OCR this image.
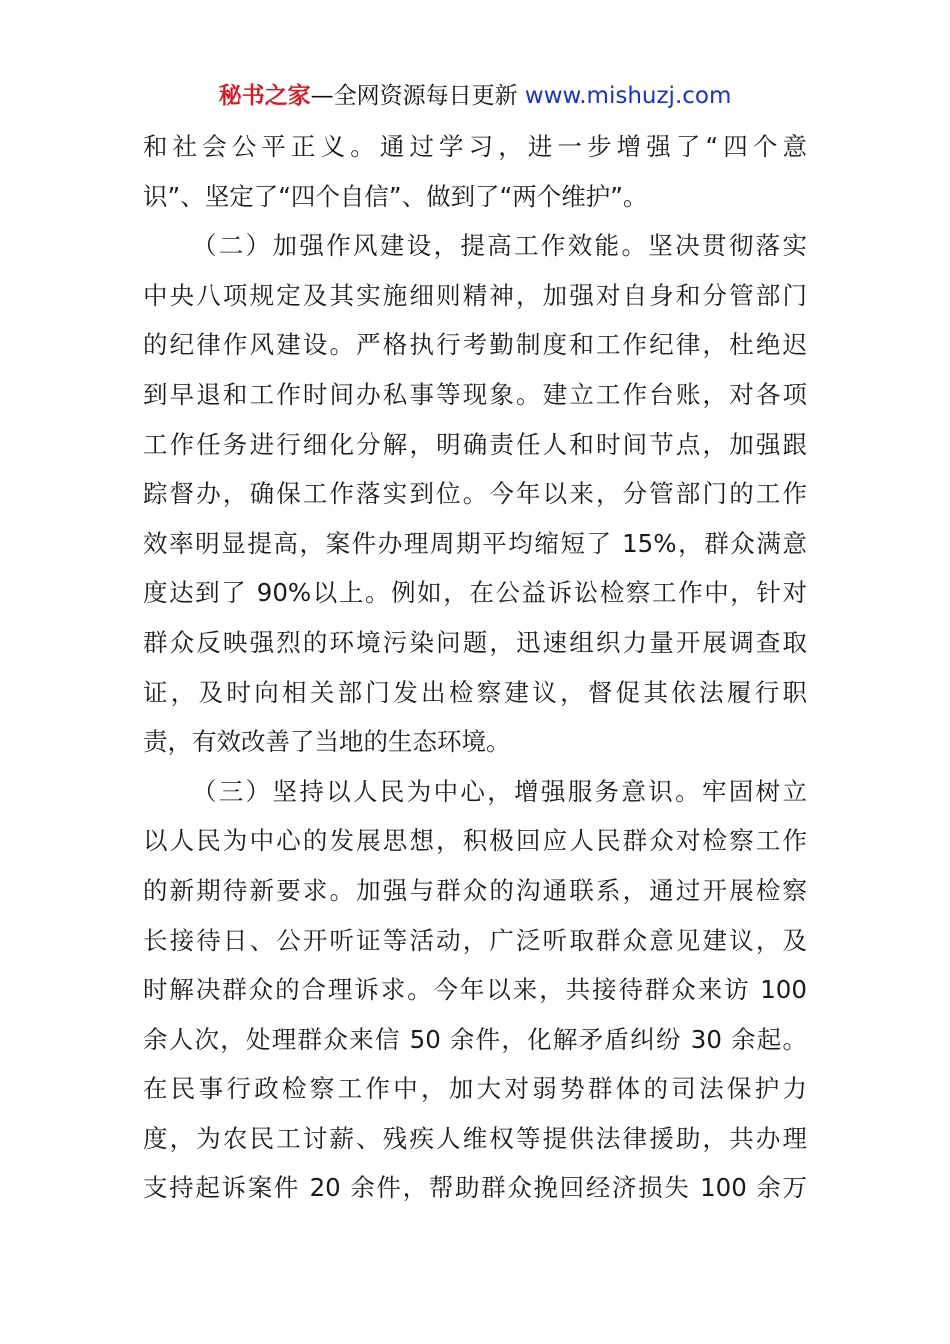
秘书之家—全网资源每日更新 www.mishuzj.com
和社会公平正义。通过学习，进一步增强了“四个意
识”、坚定了“四个自信”、做到了“两个维护”。
（二）加强作风建设，提高工作效能。坚决贯彻落实
中央八项规定及其实施细则精神，加强对自身和分管部门
的纪律作风建设。严格执行考勤制度和工作纪律，杜绝迟
到早退和工作时间办私事等现象。建立工作台账，对各项
工作任务进行细化分解，明确责任人和时间节点，加强跟
踪督办，确保工作落实到位。今年以来，分管部门的工作
效率明显提高，案件办理周期平均缩短了 15%，群众满意
度达到了 90%以上。例如，在公益诉讼检察工作中，针对
群众反映强烈的环境污染问题，迅速组织力量开展调查取
证，及时向相关部门发出检察建议，督促其依法履行职
责，有效改善了当地的生态环境。
（三）坚持以人民为中心，增强服务意识。牢固树立
以人民为中心的发展思想，积极回应人民群众对检察工作
的新期待新要求。加强与群众的沟通联系，通过开展检察
长接待日、公开听证等活动，广泛听取群众意见建议，及
时解决群众的合理诉求。今年以来，共接待群众来访 100
余人次，处理群众来信 50 余件，化解矛盾纠纷 30 余起。
在民事行政检察工作中，加大对弱势群体的司法保护力
度，为农民工讨薪、残疾人维权等提供法律援助，共办理
支持起诉案件 20 余件，帮助群众挽回经济损失 100 余万
